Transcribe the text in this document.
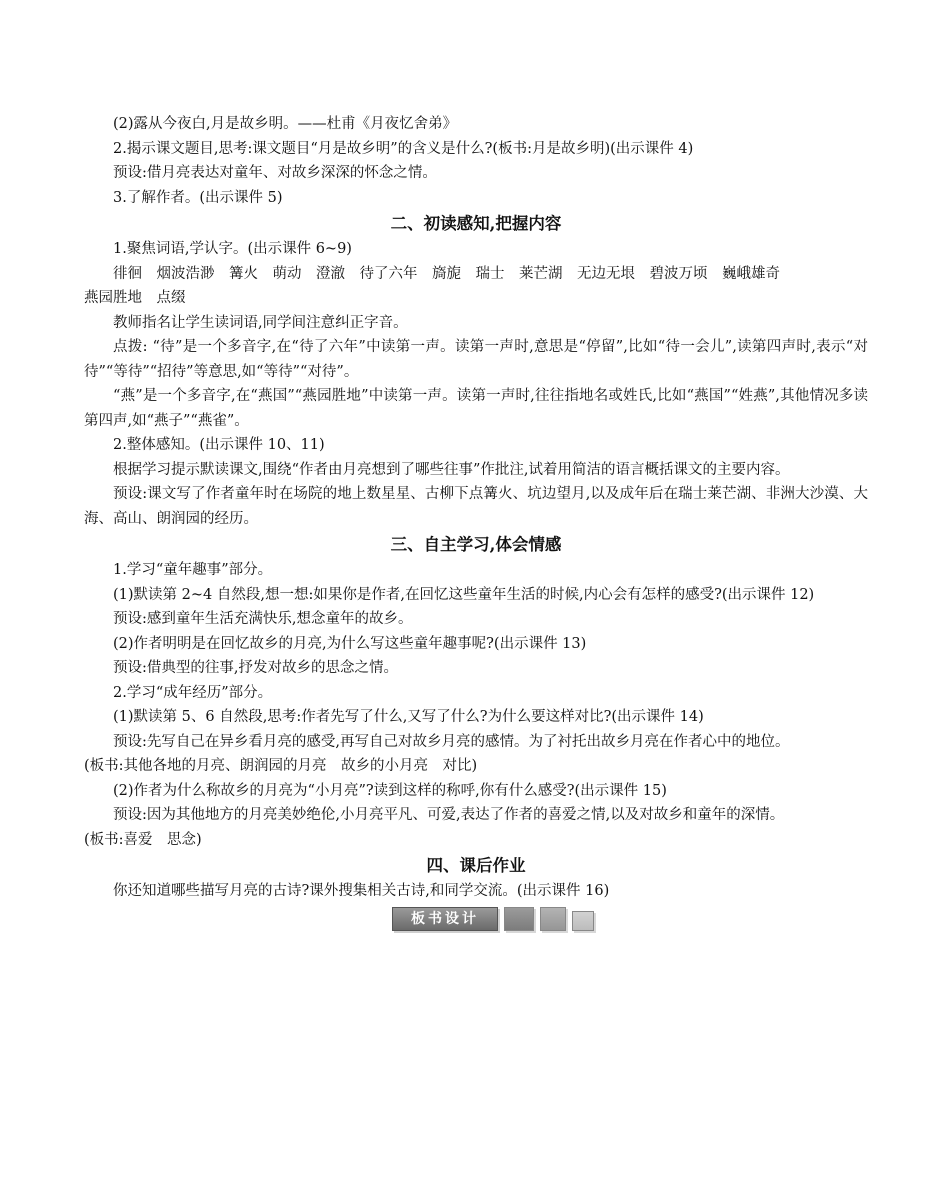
(2)露从今夜白,月是故乡明。——杜甫《月夜忆舍弟》

2.揭示课文题目,思考:课文题目“月是故乡明”的含义是什么?(板书:月是故乡明)(出示课件 4)

预设:借月亮表达对童年、对故乡深深的怀念之情。

3.了解作者。(出示课件 5)

二、初读感知,把握内容

1.聚焦词语,学认字。(出示课件 6~9)

徘徊　烟波浩渺　篝火　萌动　澄澈　待了六年　旖旎　瑞士　莱芒湖　无边无垠　碧波万顷　巍峨雄奇

燕园胜地　点缀

教师指名让学生读词语,同学间注意纠正字音。

点拨: “待”是一个多音字,在“待了六年”中读第一声。读第一声时,意思是“停留”,比如“待一会儿”,读第四声时,表示“对待”“等待”“招待”等意思,如“等待”“对待”。

“燕”是一个多音字,在“燕国”“燕园胜地”中读第一声。读第一声时,往往指地名或姓氏,比如“燕国”“姓燕”,其他情况多读第四声,如“燕子”“燕雀”。

2.整体感知。(出示课件 10、11)

根据学习提示默读课文,围绕“作者由月亮想到了哪些往事”作批注,试着用简洁的语言概括课文的主要内容。

预设:课文写了作者童年时在场院的地上数星星、古柳下点篝火、坑边望月,以及成年后在瑞士莱芒湖、非洲大沙漠、大海、高山、朗润园的经历。

三、自主学习,体会情感

1.学习“童年趣事”部分。

(1)默读第 2~4 自然段,想一想:如果你是作者,在回忆这些童年生活的时候,内心会有怎样的感受?(出示课件 12)

预设:感到童年生活充满快乐,想念童年的故乡。

(2)作者明明是在回忆故乡的月亮,为什么写这些童年趣事呢?(出示课件 13)

预设:借典型的往事,抒发对故乡的思念之情。

2.学习“成年经历”部分。

(1)默读第 5、6 自然段,思考:作者先写了什么,又写了什么?为什么要这样对比?(出示课件 14)

预设:先写自己在异乡看月亮的感受,再写自己对故乡月亮的感情。为了衬托出故乡月亮在作者心中的地位。

(板书:其他各地的月亮、朗润园的月亮　故乡的小月亮　对比)

(2)作者为什么称故乡的月亮为“小月亮”?读到这样的称呼,你有什么感受?(出示课件 15)

预设:因为其他地方的月亮美妙绝伦,小月亮平凡、可爱,表达了作者的喜爱之情,以及对故乡和童年的深情。

(板书:喜爱　思念)

四、课后作业

你还知道哪些描写月亮的古诗?课外搜集相关古诗,和同学交流。(出示课件 16)

板书设计
